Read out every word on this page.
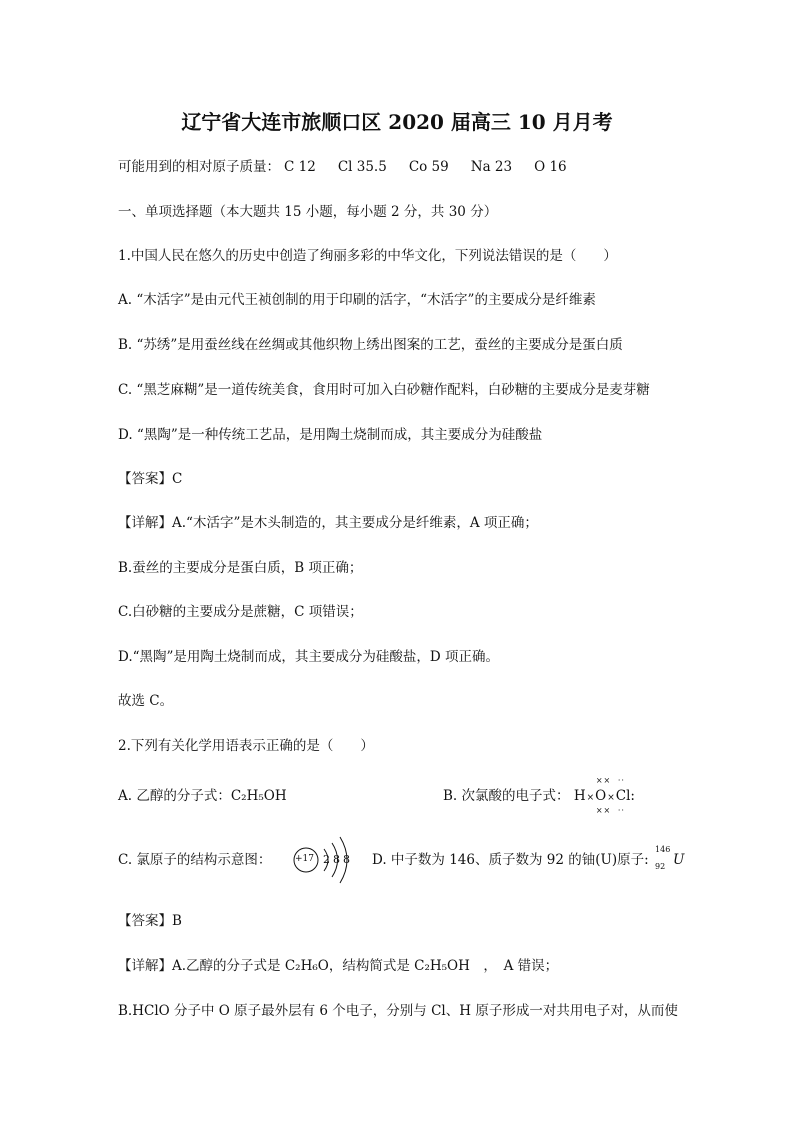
辽宁省大连市旅顺口区 2020 届高三 10 月月考
可能用到的相对原子质量： C 12 Cl 35.5 Co 59 Na 23 O 16
一、单项选择题（本大题共 15 小题，每小题 2 分，共 30 分）
1.中国人民在悠久的历史中创造了绚丽多彩的中华文化，下列说法错误的是（　　）
A. “木活字”是由元代王祯创制的用于印刷的活字，“木活字”的主要成分是纤维素
B. “苏绣”是用蚕丝线在丝绸或其他织物上绣出图案的工艺，蚕丝的主要成分是蛋白质
C. “黑芝麻糊”是一道传统美食，食用时可加入白砂糖作配料，白砂糖的主要成分是麦芽糖
D. “黑陶”是一种传统工艺品，是用陶土烧制而成，其主要成分为硅酸盐
【答案】C
【详解】A.“木活字”是木头制造的，其主要成分是纤维素，A 项正确；
B.蚕丝的主要成分是蛋白质，B 项正确；
C.白砂糖的主要成分是蔗糖，C 项错误；
D.“黑陶”是用陶土烧制而成，其主要成分为硅酸盐，D 项正确。
故选 C。
2.下列有关化学用语表示正确的是（　　）
A. 乙醇的分子式：C₂H₅OH	B. 次氯酸的电子式： H×O×Cl:
××
××
··
··
C. 氯原子的结构示意图：	+17 2 8 8 D. 中子数为 146、质子数为 92 的铀(U)原子:
146
92 U
【答案】B
【详解】A.乙醇的分子式是 C₂H₆O，结构简式是 C₂H₅OH　，　A 错误；
B.HClO 分子中 O 原子最外层有 6 个电子，分别与 Cl、H 原子形成一对共用电子对，从而使
